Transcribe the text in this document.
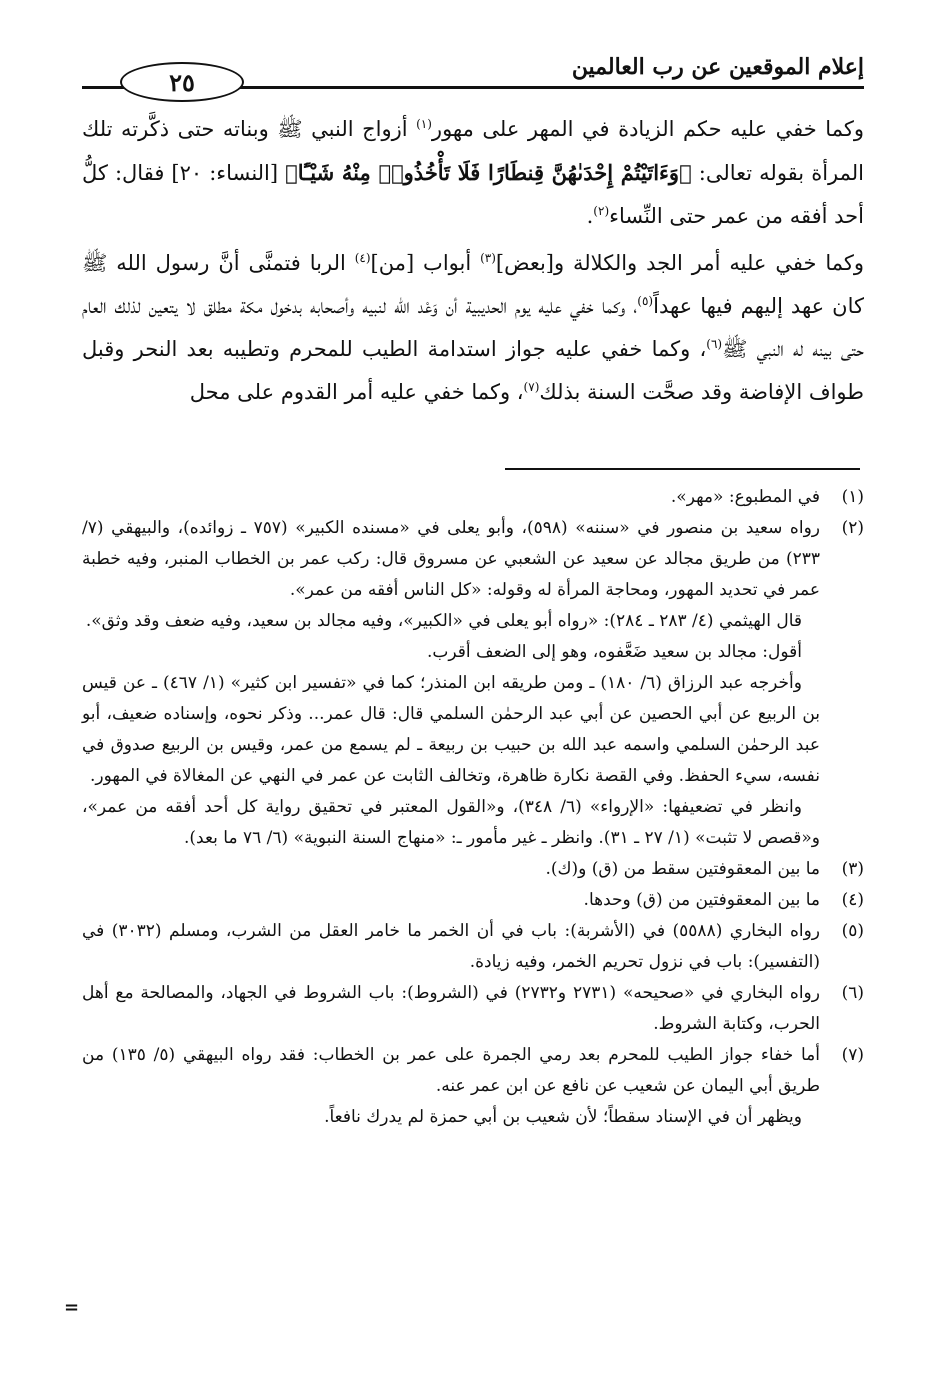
إعلام الموقعين عن رب العالمين
٢٥

وكما خفي عليه حكم الزيادة في المهر على مهور$^{(١)}$ أزواج النبي ﷺ وبناته حتى ذكَّرته تلك المرأة بقوله تعالى: ﴿وَءَاتَيْتُمْ إِحْدَىٰهُنَّ قِنطَارًا فَلَا تَأْخُذُوا۟ مِنْهُ شَيْـًٔا﴾ [النساء: ٢٠] فقال: كلُّ أحد أفقه من عمر حتى النِّساء$^{(٢)}$.

وكما خفي عليه أمر الجد والكلالة و[بعض]$^{(٣)}$ أبواب [من]$^{(٤)}$ الربا فتمنَّى أنَّ رسول الله ﷺ كان عهد إليهم فيها عهداً$^{(٥)}$، وكما خفي عليه يوم الحديبية أن وَعْد الله لنبيه وأصحابه بدخول مكة مطلق لا يتعين لذلك العام حتى بينه له النبي ﷺ$^{(٦)}$، وكما خفي عليه جواز استدامة الطيب للمحرم وتطيبه بعد النحر وقبل طواف الإفاضة وقد صحَّت السنة بذلك$^{(٧)}$، وكما خفي عليه أمر القدوم على محل

(١)

في المطبوع: «مهر».

(٢)

رواه سعيد بن منصور في «سننه» (٥٩٨)، وأبو يعلى في «مسنده الكبير» (٧٥٧ ـ زوائده)، والبيهقي (٧/ ٢٣٣) من طريق مجالد عن سعيد عن الشعبي عن مسروق قال: ركب عمر بن الخطاب المنبر، وفيه خطبة عمر في تحديد المهور، ومحاجة المرأة له وقوله: «كل الناس أفقه من عمر».

قال الهيثمي (٤/ ٢٨٣ ـ ٢٨٤): «رواه أبو يعلى في «الكبير»، وفيه مجالد بن سعيد، وفيه ضعف وقد وثق».

أقول: مجالد بن سعيد ضَعَّفوه، وهو إلى الضعف أقرب.

وأخرجه عبد الرزاق (٦/ ١٨٠) ـ ومن طريقه ابن المنذر؛ كما في «تفسير ابن كثير» (١/ ٤٦٧) ـ عن قيس بن الربيع عن أبي الحصين عن أبي عبد الرحمٰن السلمي قال: قال عمر... وذكر نحوه، وإسناده ضعيف، أبو عبد الرحمٰن السلمي واسمه عبد الله بن حبيب بن ربيعة ـ لم يسمع من عمر، وقيس بن الربيع صدوق في نفسه، سيء الحفظ. وفي القصة نكارة ظاهرة، وتخالف الثابت عن عمر في النهي عن المغالاة في المهور.

وانظر في تضعيفها: «الإرواء» (٦/ ٣٤٨)، و«القول المعتبر في تحقيق رواية كل أحد أفقه من عمر»، و«قصص لا تثبت» (١/ ٢٧ ـ ٣١). وانظر ـ غير مأمور ـ: «منهاج السنة النبوية» (٦/ ٧٦ ما بعد).

(٣)

ما بين المعقوفتين سقط من (ق) و(ك).

(٤)

ما بين المعقوفتين من (ق) وحدها.

(٥)

رواه البخاري (٥٥٨٨) في (الأشربة): باب في أن الخمر ما خامر العقل من الشرب، ومسلم (٣٠٣٢) في (التفسير): باب في نزول تحريم الخمر، وفيه زيادة.

(٦)

رواه البخاري في «صحيحه» (٢٧٣١ و٢٧٣٢) في (الشروط): باب الشروط في الجهاد، والمصالحة مع أهل الحرب، وكتابة الشروط.

(٧)

أما خفاء جواز الطيب للمحرم بعد رمي الجمرة على عمر بن الخطاب: فقد رواه البيهقي (٥/ ١٣٥) من طريق أبي اليمان عن شعيب عن نافع عن ابن عمر عنه.

ويظهر أن في الإسناد سقطاً؛ لأن شعيب بن أبي حمزة لم يدرك نافعاً.

=
